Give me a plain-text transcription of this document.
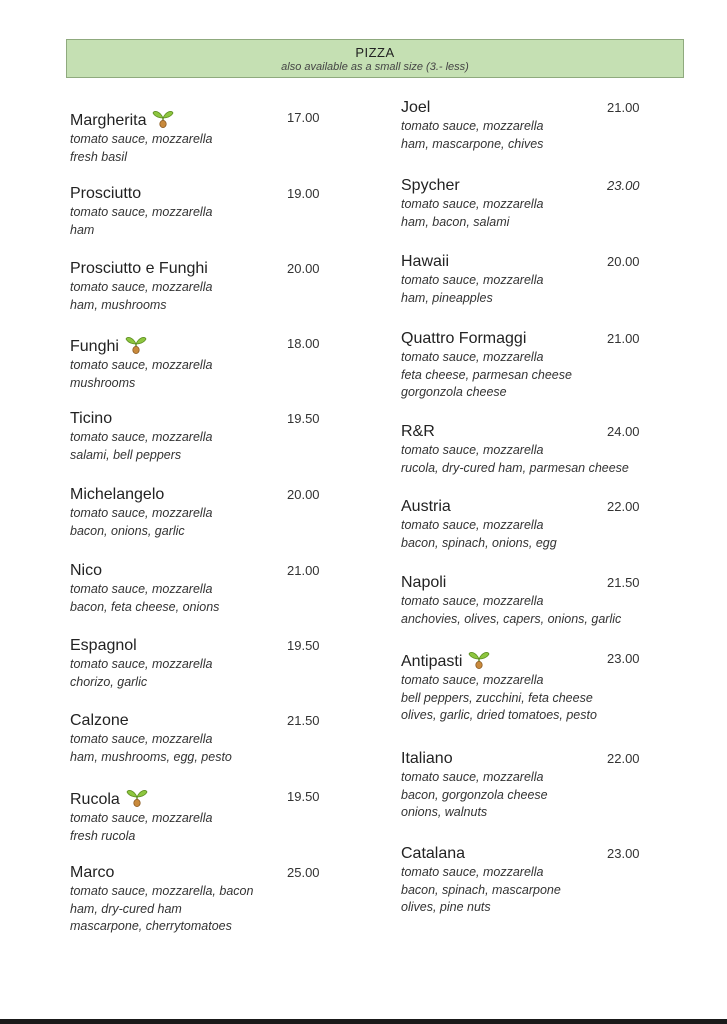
PIZZA
also available as a small size (3.- less)
Margherita	17.00
tomato sauce, mozzarella
fresh basil
Prosciutto	19.00
tomato sauce, mozzarella
ham
Prosciutto e Funghi	20.00
tomato sauce, mozzarella
ham, mushrooms
Funghi	18.00
tomato sauce, mozzarella
mushrooms
Ticino	19.50
tomato sauce, mozzarella
salami, bell peppers
Michelangelo	20.00
tomato sauce, mozzarella
bacon, onions, garlic
Nico	21.00
tomato sauce, mozzarella
bacon, feta cheese, onions
Espagnol	19.50
tomato sauce, mozzarella
chorizo, garlic
Calzone	21.50
tomato sauce, mozzarella
ham, mushrooms, egg, pesto
Rucola	19.50
tomato sauce, mozzarella
fresh rucola
Marco	25.00
tomato sauce, mozzarella, bacon
ham, dry-cured ham
mascarpone, cherrytomatoes
Joel	21.00
tomato sauce, mozzarella
ham, mascarpone, chives
Spycher	23.00
tomato sauce, mozzarella
ham, bacon, salami
Hawaii	20.00
tomato sauce, mozzarella
ham, pineapples
Quattro Formaggi	21.00
tomato sauce, mozzarella
feta cheese, parmesan cheese
gorgonzola cheese
R&R	24.00
tomato sauce, mozzarella
rucola, dry-cured ham, parmesan cheese
Austria	22.00
tomato sauce, mozzarella
bacon, spinach, onions, egg
Napoli	21.50
tomato sauce, mozzarella
anchovies, olives, capers, onions, garlic
Antipasti	23.00
tomato sauce, mozzarella
bell peppers, zucchini, feta cheese
olives, garlic, dried tomatoes, pesto
Italiano	22.00
tomato sauce, mozzarella
bacon, gorgonzola cheese
onions, walnuts
Catalana	23.00
tomato sauce, mozzarella
bacon, spinach, mascarpone
olives, pine nuts
